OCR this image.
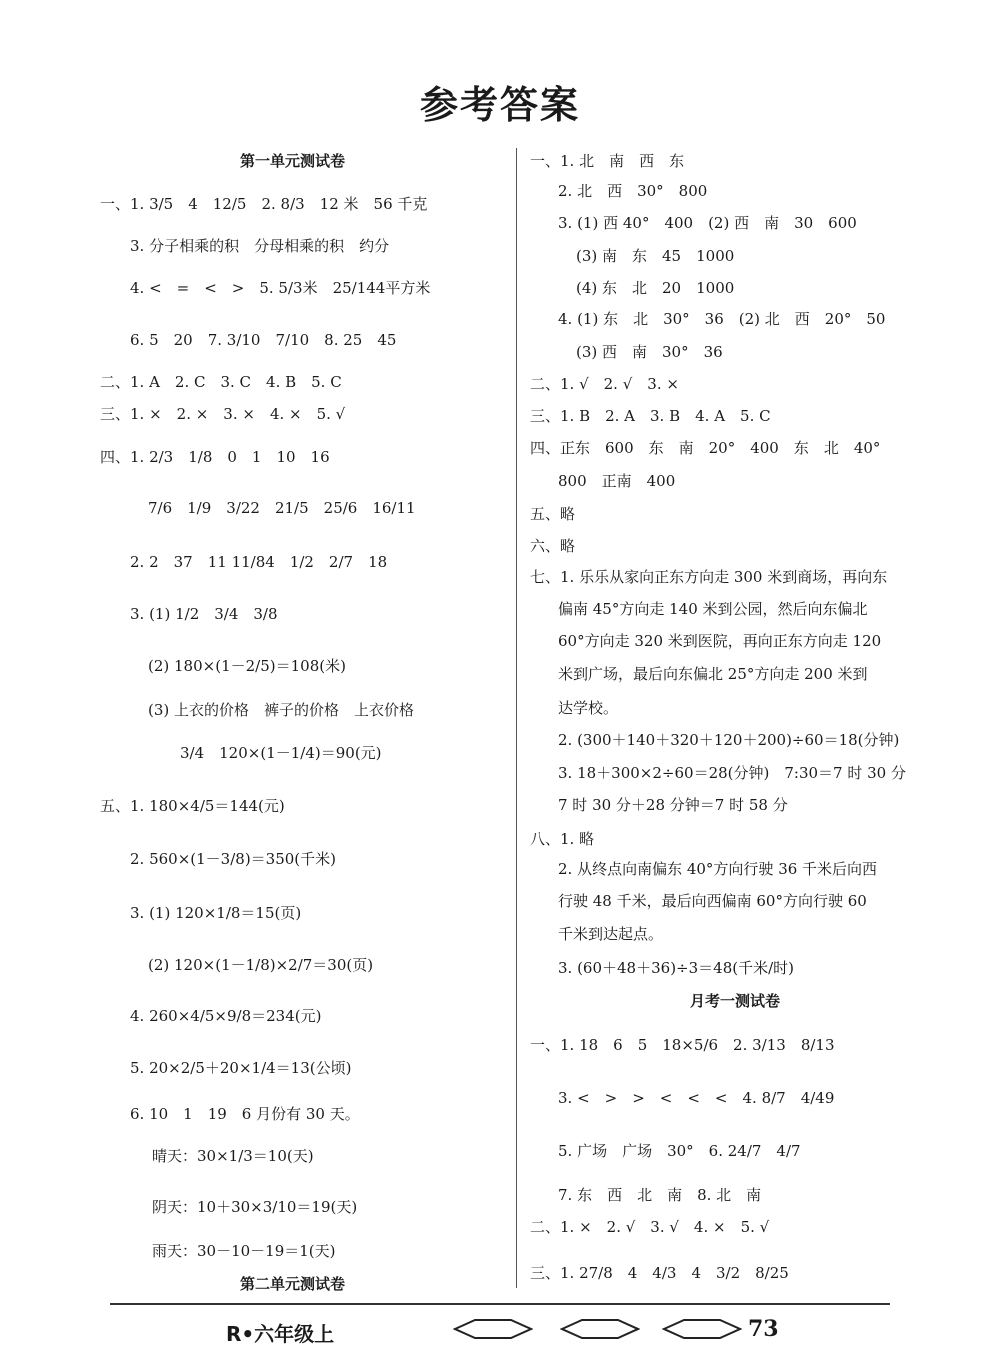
参考答案
第一单元测试卷
一、1. 3/5　4　12/5　2. 8/3　12 米　56 千克
3. 分子相乘的积　分母相乘的积　约分
4. <　=　<　>　5. 5/3米　25/144平方米
6. 5　20　7. 3/10　7/10　8. 25　45
二、1. A　2. C　3. C　4. B　5. C
三、1. ×　2. ×　3. ×　4. ×　5. √
四、1. 2/3　1/8　0　1　10　16
7/6　1/9　3/22　21/5　25/6　16/11
2. 2　37　11 11/84　1/2　2/7　18
3. (1) 1/2　3/4　3/8
(2) 180×(1－2/5)＝108(米)
(3) 上衣的价格　裤子的价格　上衣价格
3/4　120×(1－1/4)＝90(元)
五、1. 180×4/5＝144(元)
2. 560×(1－3/8)＝350(千米)
3. (1) 120×1/8＝15(页)
(2) 120×(1－1/8)×2/7＝30(页)
4. 260×4/5×9/8＝234(元)
5. 20×2/5＋20×1/4＝13(公顷)
6. 10　1　19　6 月份有 30 天。
晴天：30×1/3＝10(天)
阴天：10＋30×3/10＝19(天)
雨天：30－10－19＝1(天)
第二单元测试卷
一、1. 北　南　西　东
2. 北　西　30°　800
3. (1) 西 40°　400　(2) 西　南　30　600
(3) 南　东　45　1000
(4) 东　北　20　1000
4. (1) 东　北　30°　36　(2) 北　西　20°　50
(3) 西　南　30°　36
二、1. √　2. √　3. ×
三、1. B　2. A　3. B　4. A　5. C
四、正东　600　东　南　20°　400　东　北　40°
800　正南　400
五、略
六、略
七、1. 乐乐从家向正东方向走 300 米到商场，再向东
偏南 45°方向走 140 米到公园，然后向东偏北
60°方向走 320 米到医院，再向正东方向走 120
米到广场，最后向东偏北 25°方向走 200 米到
达学校。
2. (300＋140＋320＋120＋200)÷60＝18(分钟)
3. 18＋300×2÷60＝28(分钟)　7:30＝7 时 30 分
7 时 30 分＋28 分钟＝7 时 58 分
八、1. 略
2. 从终点向南偏东 40°方向行驶 36 千米后向西
行驶 48 千米，最后向西偏南 60°方向行驶 60
千米到达起点。
3. (60＋48＋36)÷3＝48(千米/时)
月考一测试卷
一、1. 18　6　5　18×5/6　2. 3/13　8/13
3. <　>　>　<　<　<　4. 8/7　4/49
5. 广场　广场　30°　6. 24/7　4/7
7. 东　西　北　南　8. 北　南
二、1. ×　2. √　3. √　4. ×　5. √
三、1. 27/8　4　4/3　4　3/2　8/25
R•六年级上	73
